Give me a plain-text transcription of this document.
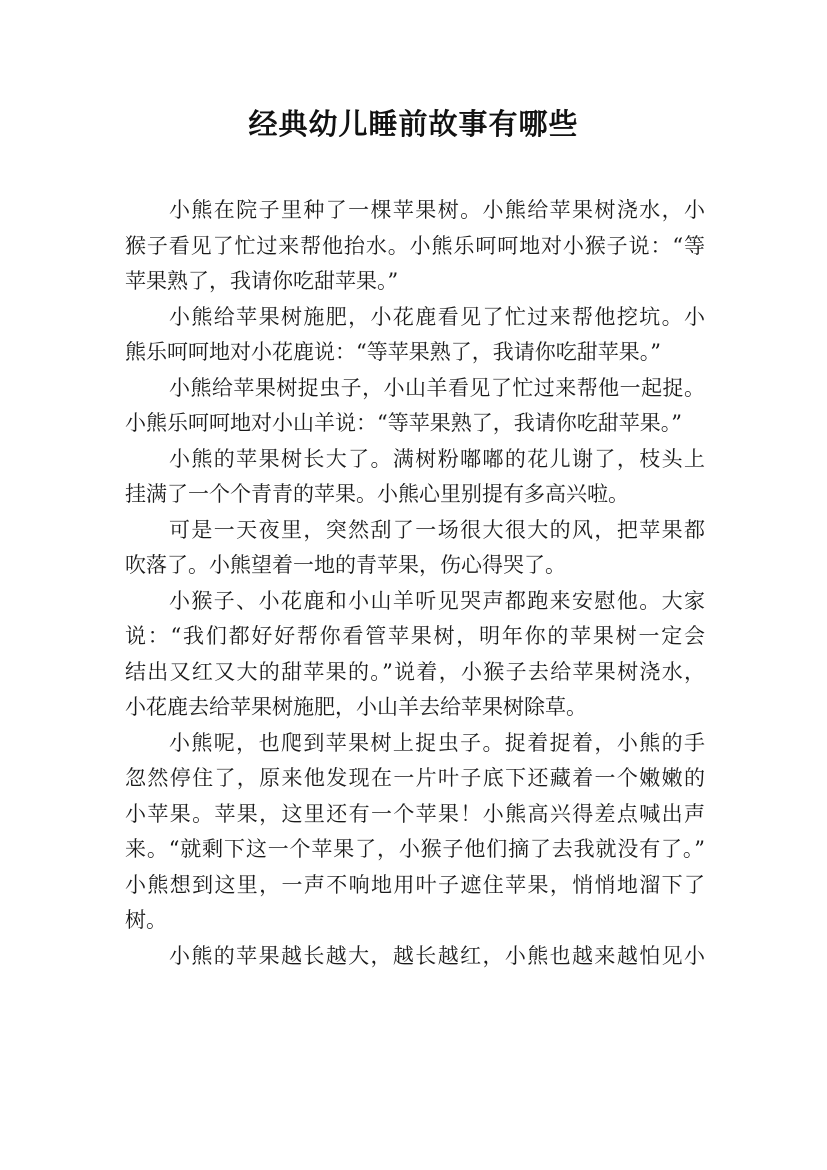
经典幼儿睡前故事有哪些
小熊在院子里种了一棵苹果树。小熊给苹果树浇水，小
猴子看见了忙过来帮他抬水。小熊乐呵呵地对小猴子说：“等
苹果熟了，我请你吃甜苹果。”
小熊给苹果树施肥，小花鹿看见了忙过来帮他挖坑。小
熊乐呵呵地对小花鹿说：“等苹果熟了，我请你吃甜苹果。”
小熊给苹果树捉虫子，小山羊看见了忙过来帮他一起捉。
小熊乐呵呵地对小山羊说：“等苹果熟了，我请你吃甜苹果。”
小熊的苹果树长大了。满树粉嘟嘟的花儿谢了，枝头上
挂满了一个个青青的苹果。小熊心里别提有多高兴啦。
可是一天夜里，突然刮了一场很大很大的风，把苹果都
吹落了。小熊望着一地的青苹果，伤心得哭了。
小猴子、小花鹿和小山羊听见哭声都跑来安慰他。大家
说：“我们都好好帮你看管苹果树，明年你的苹果树一定会
结出又红又大的甜苹果的。”说着，小猴子去给苹果树浇水，
小花鹿去给苹果树施肥，小山羊去给苹果树除草。
小熊呢，也爬到苹果树上捉虫子。捉着捉着，小熊的手
忽然停住了，原来他发现在一片叶子底下还藏着一个嫩嫩的
小苹果。苹果，这里还有一个苹果！小熊高兴得差点喊出声
来。“就剩下这一个苹果了，小猴子他们摘了去我就没有了。”
小熊想到这里，一声不响地用叶子遮住苹果，悄悄地溜下了
树。
小熊的苹果越长越大，越长越红，小熊也越来越怕见小
